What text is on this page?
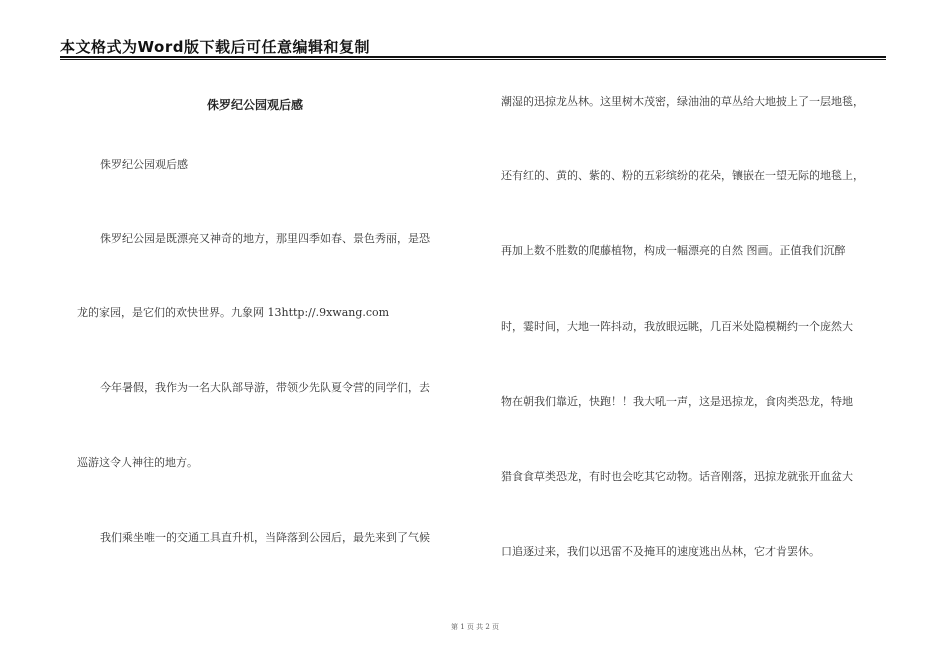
本文格式为Word版下载后可任意编辑和复制
侏罗纪公园观后感
侏罗纪公园观后感
侏罗纪公园是既漂亮又神奇的地方，那里四季如春、景色秀丽，是恐
龙的家园，是它们的欢快世界。九象网 13http://.9xwang.com
今年暑假，我作为一名大队部导游，带领少先队夏令营的同学们，去
巡游这令人神往的地方。
我们乘坐唯一的交通工具直升机，当降落到公园后，最先来到了气候
潮湿的迅掠龙丛林。这里树木茂密，绿油油的草丛给大地披上了一层地毯，
还有红的、黄的、紫的、粉的五彩缤纷的花朵，镶嵌在一望无际的地毯上，
再加上数不胜数的爬藤植物，构成一幅漂亮的自然 图画。正值我们沉醉
时，霎时间，大地一阵抖动，我放眼远眺，几百米处隐模糊约一个庞然大
物在朝我们靠近，快跑！！我大吼一声，这是迅掠龙，食肉类恐龙，特地
猎食食草类恐龙，有时也会吃其它动物。话音刚落，迅掠龙就张开血盆大
口追逐过来，我们以迅雷不及掩耳的速度逃出丛林，它才肯罢休。
第 1 页 共 2 页
